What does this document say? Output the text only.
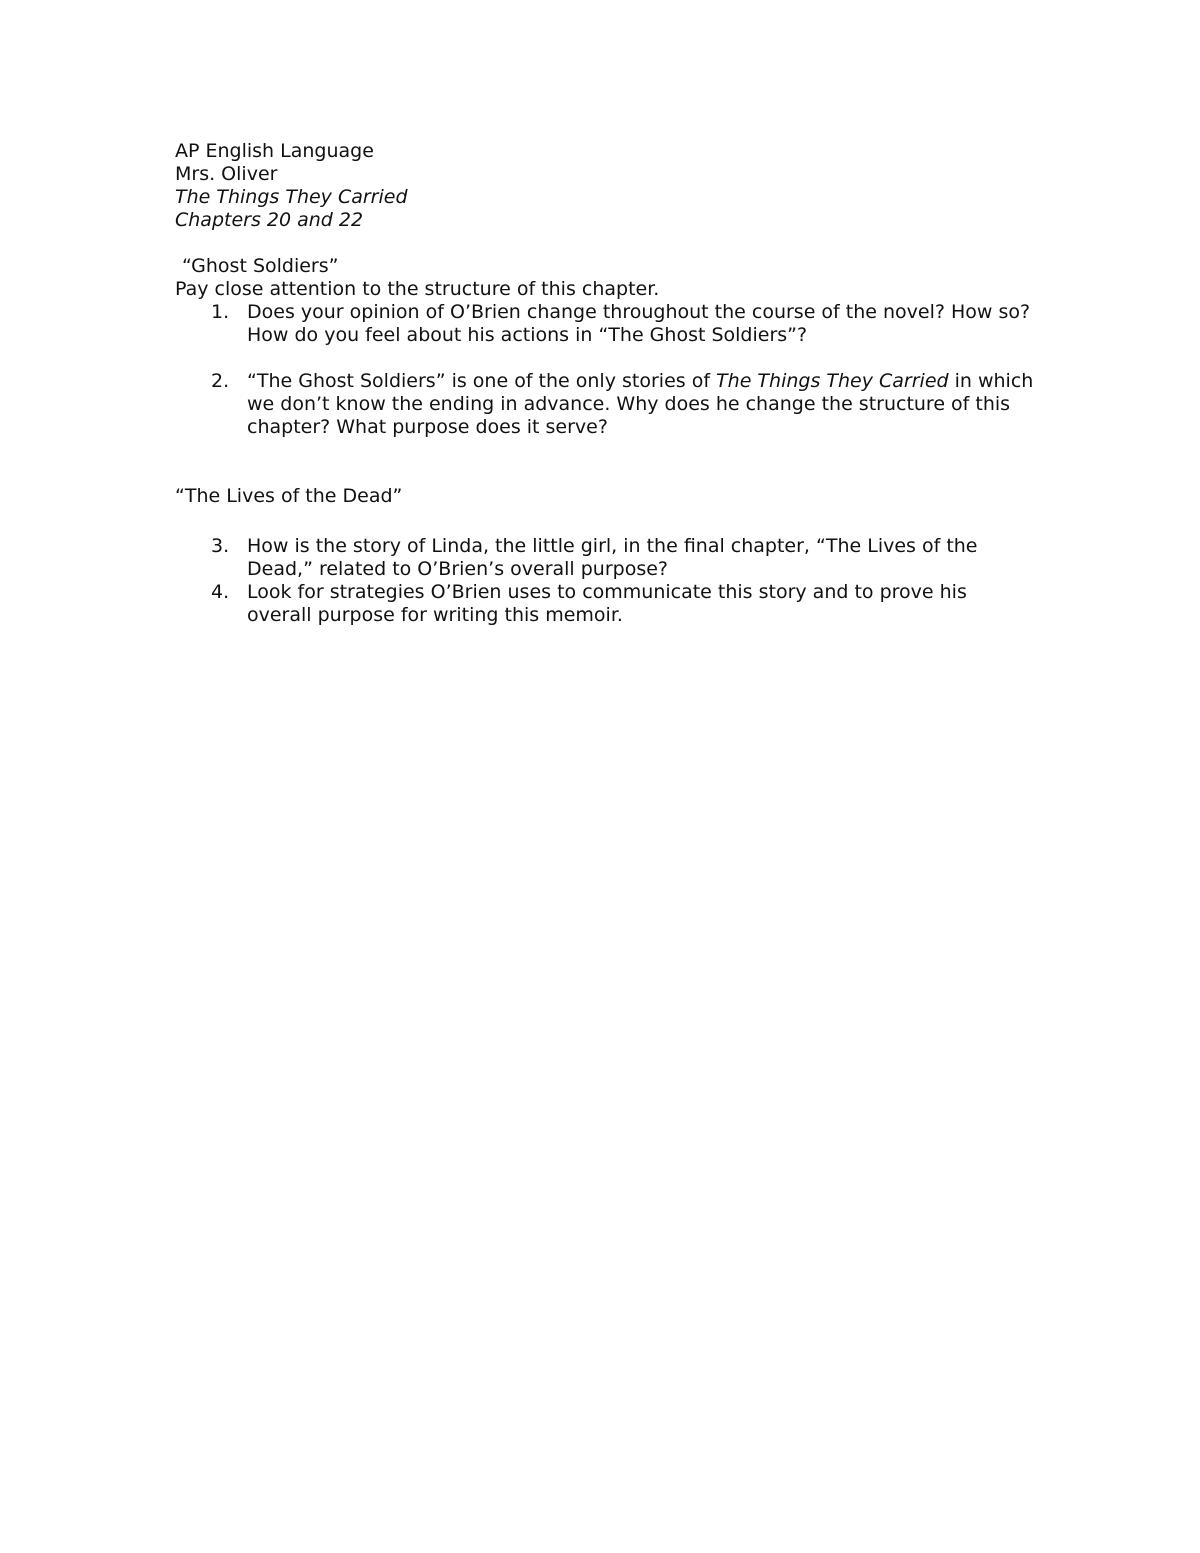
AP English Language
Mrs. Oliver
The Things They Carried
Chapters 20 and 22
“Ghost Soldiers”
Pay close attention to the structure of this chapter.
1. Does your opinion of O’Brien change throughout the course of the novel? How so? How do you feel about his actions in “The Ghost Soldiers”?
2. “The Ghost Soldiers” is one of the only stories of The Things They Carried in which we don’t know the ending in advance. Why does he change the structure of this chapter? What purpose does it serve?
“The Lives of the Dead”
3. How is the story of Linda, the little girl, in the final chapter, “The Lives of the Dead,” related to O’Brien’s overall purpose?
4. Look for strategies O’Brien uses to communicate this story and to prove his overall purpose for writing this memoir.
